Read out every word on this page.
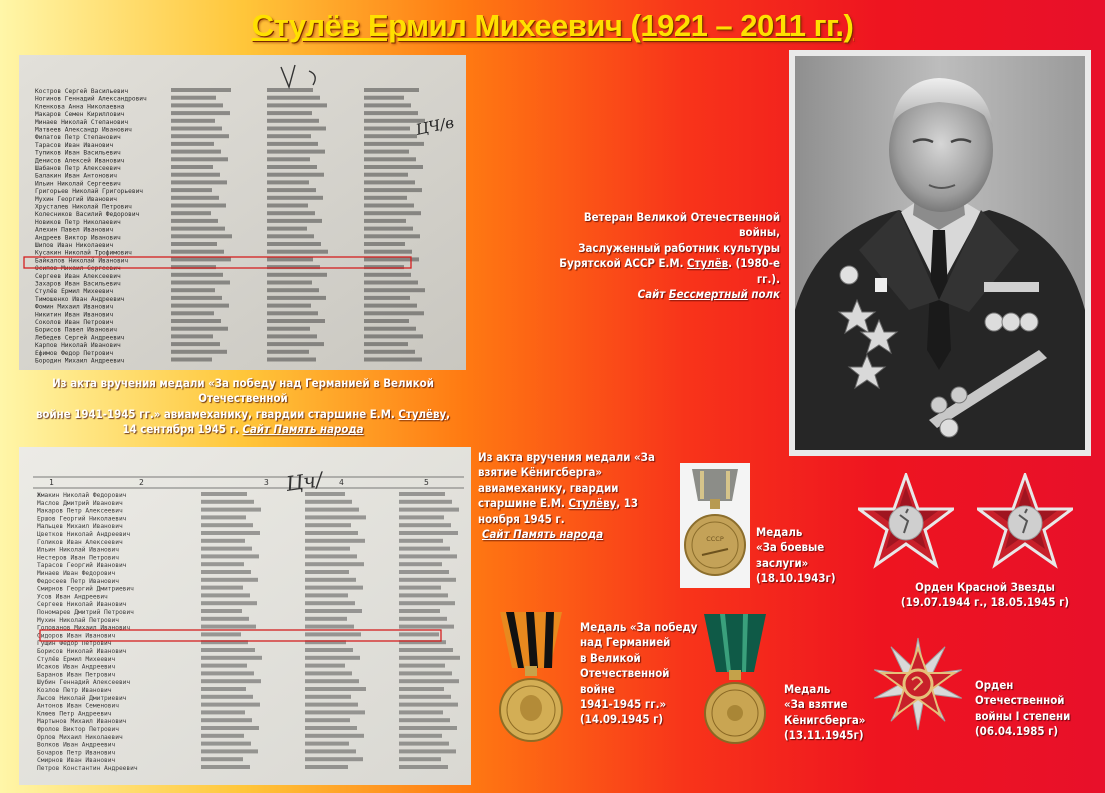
Стулёв Ермил Михеевич (1921 – 2011 гг.)
Костров Сергей Васильевич
Ногинов Геннадий Александрович
Кленкова Анна Николаевна
Макаров Семен Кириллович
Минаев Николай Степанович
Матвеев Александр Иванович
Филатов Петр Степанович
Тарасов Иван Иванович
Тупиков Иван Васильевич
Денисов Алексей Иванович
Шабанов Петр Алексеевич
Балакин Иван Антонович
Ильин Николай Сергеевич
Григорьев Николай Григорьевич
Мухин Георгий Иванович
Хрусталев Николай Петрович
Колесников Василий Федорович
Новиков Петр Николаевич
Алехин Павел Иванович
Андреев Виктор Иванович
Шипов Иван Николаевич
Кусакин Николай Трофимович
Байкалов Николай Иванович
Осипов Михаил Сергеевич
Сергеев Иван Алексеевич
Захаров Иван Васильевич
Стулёв Ермил Михеевич
Тимошенко Иван Андреевич
Фомин Михаил Иванович
Никитин Иван Иванович
Соколов Иван Петрович
Борисов Павел Иванович
Лебедев Сергей Андреевич
Карпов Николай Иванович
Ефимов Федор Петрович
Бородин Михаил Андреевич
ЦЧ/в
1	2	3	4	5
Жмакин Николай Федорович
Маслов Дмитрий Иванович
Макаров Петр Алексеевич
Ершов Георгий Николаевич
Мальцев Михаил Иванович
Цветков Николай Андреевич
Голиков Иван Алексеевич
Ильин Николай Иванович
Нестеров Иван Петрович
Тарасов Георгий Иванович
Минаев Иван Федорович
Федосеев Петр Иванович
Смирнов Георгий Дмитриевич
Усов Иван Андреевич
Сергеев Николай Иванович
Пономарев Дмитрий Петрович
Мухин Николай Петрович
Голованов Михаил Иванович
Сидоров Иван Иванович
Гущин Федор Петрович
Борисов Николай Иванович
Стулёв Ермил Михеевич
Исаков Иван Андреевич
Баранов Иван Петрович
Шубин Геннадий Алексеевич
Козлов Петр Иванович
Лысов Николай Дмитриевич
Антонов Иван Семенович
Клюев Петр Андреевич
Мартынов Михаил Иванович
Фролов Виктор Петрович
Орлов Михаил Николаевич
Волков Иван Андреевич
Бочаров Петр Иванович
Смирнов Иван Иванович
Петров Константин Андреевич
Цч/
Из акта вручения медали «За победу над Германией в Великой Отечественной
войне 1941-1945 гг.» авиамеханику, гвардии старшине Е.М. Стулёву,
14 сентября 1945 г. Сайт Память народа
Из акта вручения медали «За
взятие Кёнигсберга»
авиамеханику, гвардии
старшине Е.М. Стулёву, 13
ноября 1945 г.
Сайт Память народа
Ветеран Великой Отечественной войны,
Заслуженный работник культуры
Бурятской АССР Е.М. Стулёв. (1980-е гг.).
Сайт Бессмертный полк
СССР	Медаль
«За боевые
заслуги»
(18.10.1943г)
Орден Красной Звезды
(19.07.1944 г., 18.05.1945 г)
Медаль «За победу
над Германией
в Великой
Отечественной
войне
1941-1945 гг.»
(14.09.1945 г)
Медаль
«За взятие
Кёнигсберга»
(13.11.1945г)
Орден
Отечественной
войны I степени
(06.04.1985 г)
